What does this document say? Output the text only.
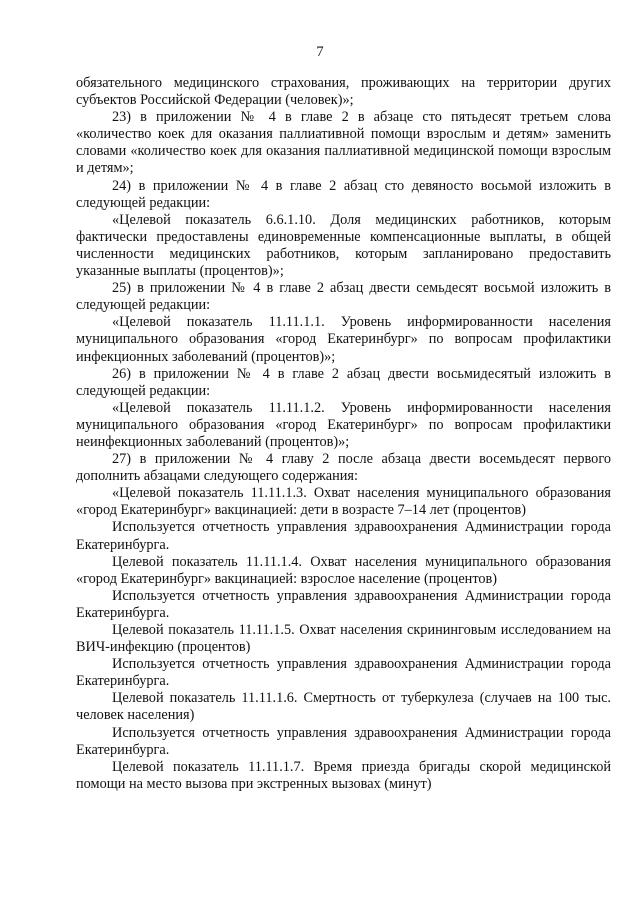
7

обязательного медицинского страхования, проживающих на территории других субъектов Российской Федерации (человек)»;

23) в приложении № 4 в главе 2 в абзаце сто пятьдесят третьем слова «количество коек для оказания паллиативной помощи взрослым и детям» заменить словами «количество коек для оказания паллиативной медицинской помощи взрослым и детям»;

24) в приложении № 4 в главе 2 абзац сто девяносто восьмой изложить в следующей редакции:

«Целевой показатель 6.6.1.10. Доля медицинских работников, которым фактически предоставлены единовременные компенсационные выплаты, в общей численности медицинских работников, которым запланировано предоставить указанные выплаты (процентов)»;

25) в приложении № 4 в главе 2 абзац двести семьдесят восьмой изложить в следующей редакции:

«Целевой показатель 11.11.1.1. Уровень информированности населения муниципального образования «город Екатеринбург» по вопросам профилактики инфекционных заболеваний (процентов)»;

26) в приложении № 4 в главе 2 абзац двести восьмидесятый изложить в следующей редакции:

«Целевой показатель 11.11.1.2. Уровень информированности населения муниципального образования «город Екатеринбург» по вопросам профилактики неинфекционных заболеваний (процентов)»;

27) в приложении № 4 главу 2 после абзаца двести восемьдесят первого дополнить абзацами следующего содержания:

«Целевой показатель 11.11.1.3. Охват населения муниципального образования «город Екатеринбург» вакцинацией: дети в возрасте 7–14 лет (процентов)

Используется отчетность управления здравоохранения Администрации города Екатеринбурга.

Целевой показатель 11.11.1.4. Охват населения муниципального образования «город Екатеринбург» вакцинацией: взрослое население (процентов)

Используется отчетность управления здравоохранения Администрации города Екатеринбурга.

Целевой показатель 11.11.1.5. Охват населения скрининговым исследованием на ВИЧ-инфекцию (процентов)

Используется отчетность управления здравоохранения Администрации города Екатеринбурга.

Целевой показатель 11.11.1.6. Смертность от туберкулеза (случаев на 100 тыс. человек населения)

Используется отчетность управления здравоохранения Администрации города Екатеринбурга.

Целевой показатель 11.11.1.7. Время приезда бригады скорой медицинской помощи на место вызова при экстренных вызовах (минут)
